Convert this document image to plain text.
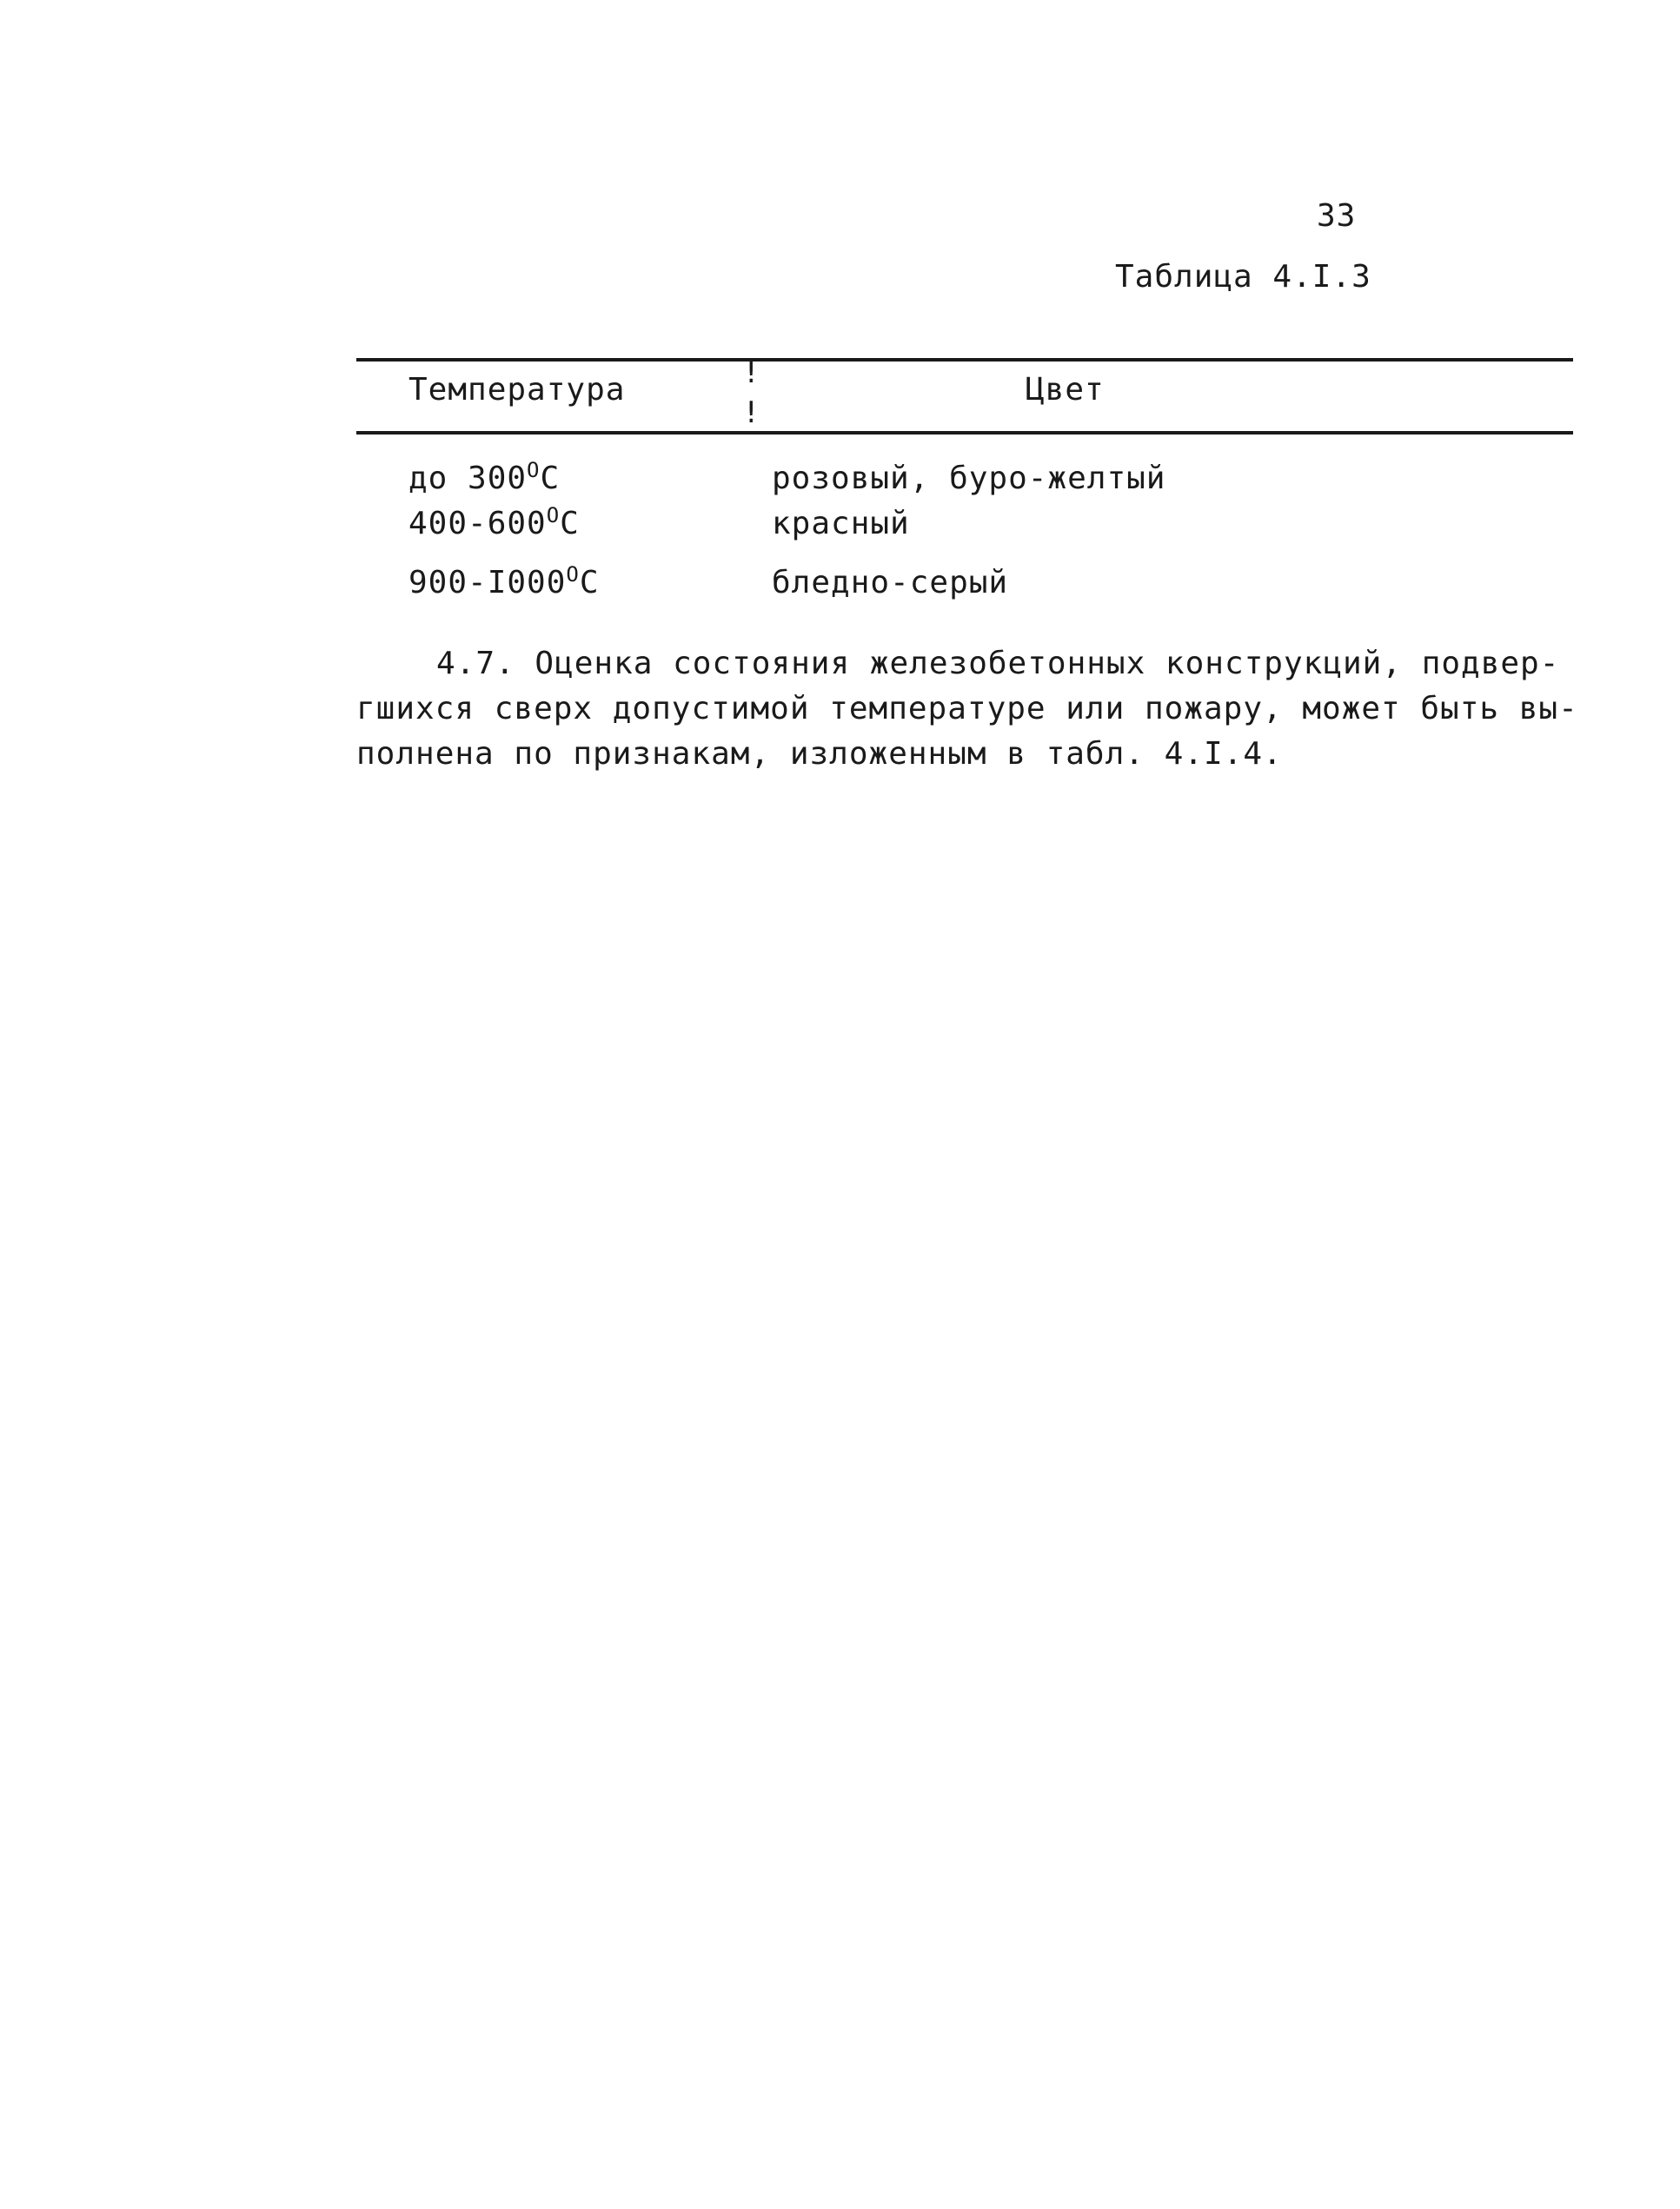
33
Таблица 4.I.3
!
!
Температура	Цвет
до $300^ОС$	розовый, буро-желтый
$400-600^ОС$	красный
$900-I000^ОС$	бледно-серый
4.7. Оценка состояния железобетонных конструкций, подвер-
гшихся сверх допустимой температуре или пожару, может быть вы-
полнена по признакам, изложенным в табл. 4.I.4.
